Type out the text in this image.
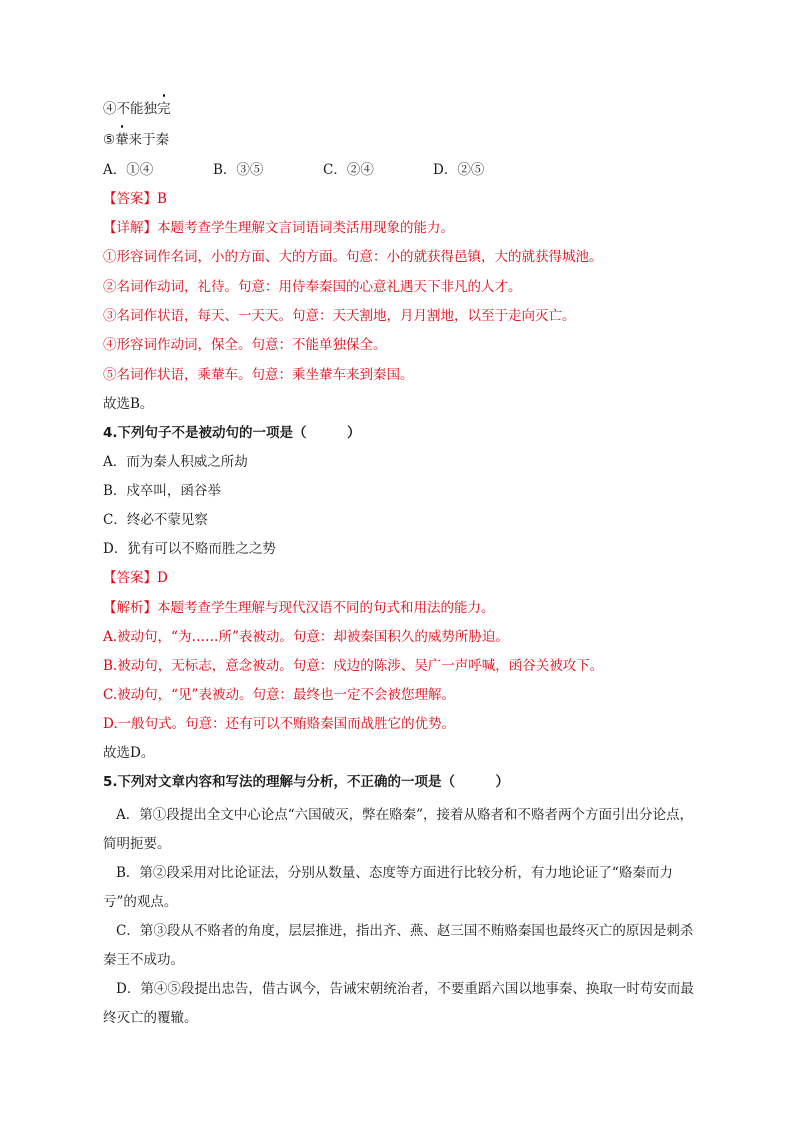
④不能独完
⑤輂来于秦
A．①④	B．③⑤	C．②④	D．②⑤
【答案】B
【详解】本题考查学生理解文言词语词类活用现象的能力。
①形容词作名词，小的方面、大的方面。句意：小的就获得邑镇，大的就获得城池。
②名词作动词，礼待。句意：用侍奉秦国的心意礼遇天下非凡的人才。
③名词作状语，每天、一天天。句意：天天割地，月月割地，以至于走向灭亡。
④形容词作动词，保全。句意：不能单独保全。
⑤名词作状语，乘輂车。句意：乘坐輂车来到秦国。
故选B。
4.下列句子不是被动句的一项是（　　　）
A．而为秦人积威之所劫
B．戍卒叫，函谷举
C．终必不蒙见察
D．犹有可以不赂而胜之之势
【答案】D
【解析】本题考查学生理解与现代汉语不同的句式和用法的能力。
A.被动句，“为……所”表被动。句意：却被秦国积久的威势所胁迫。
B.被动句，无标志，意念被动。句意：戍边的陈涉、吴广一声呼喊，函谷关被攻下。
C.被动句，“见”表被动。句意：最终也一定不会被您理解。
D.一般句式。句意：还有可以不贿赂秦国而战胜它的优势。
故选D。
5.下列对文章内容和写法的理解与分析，不正确的一项是（　　　）
A．第①段提出全文中心论点“六国破灭，弊在赂秦”，接着从赂者和不赂者两个方面引出分论点，简明扼要。
B．第②段采用对比论证法，分别从数量、态度等方面进行比较分析，有力地论证了“赂秦而力亏”的观点。
C．第③段从不赂者的角度，层层推进，指出齐、燕、赵三国不贿赂秦国也最终灭亡的原因是刺杀秦王不成功。
D．第④⑤段提出忠告，借古讽今，告诫宋朝统治者，不要重蹈六国以地事秦、换取一时苟安而最终灭亡的覆辙。
